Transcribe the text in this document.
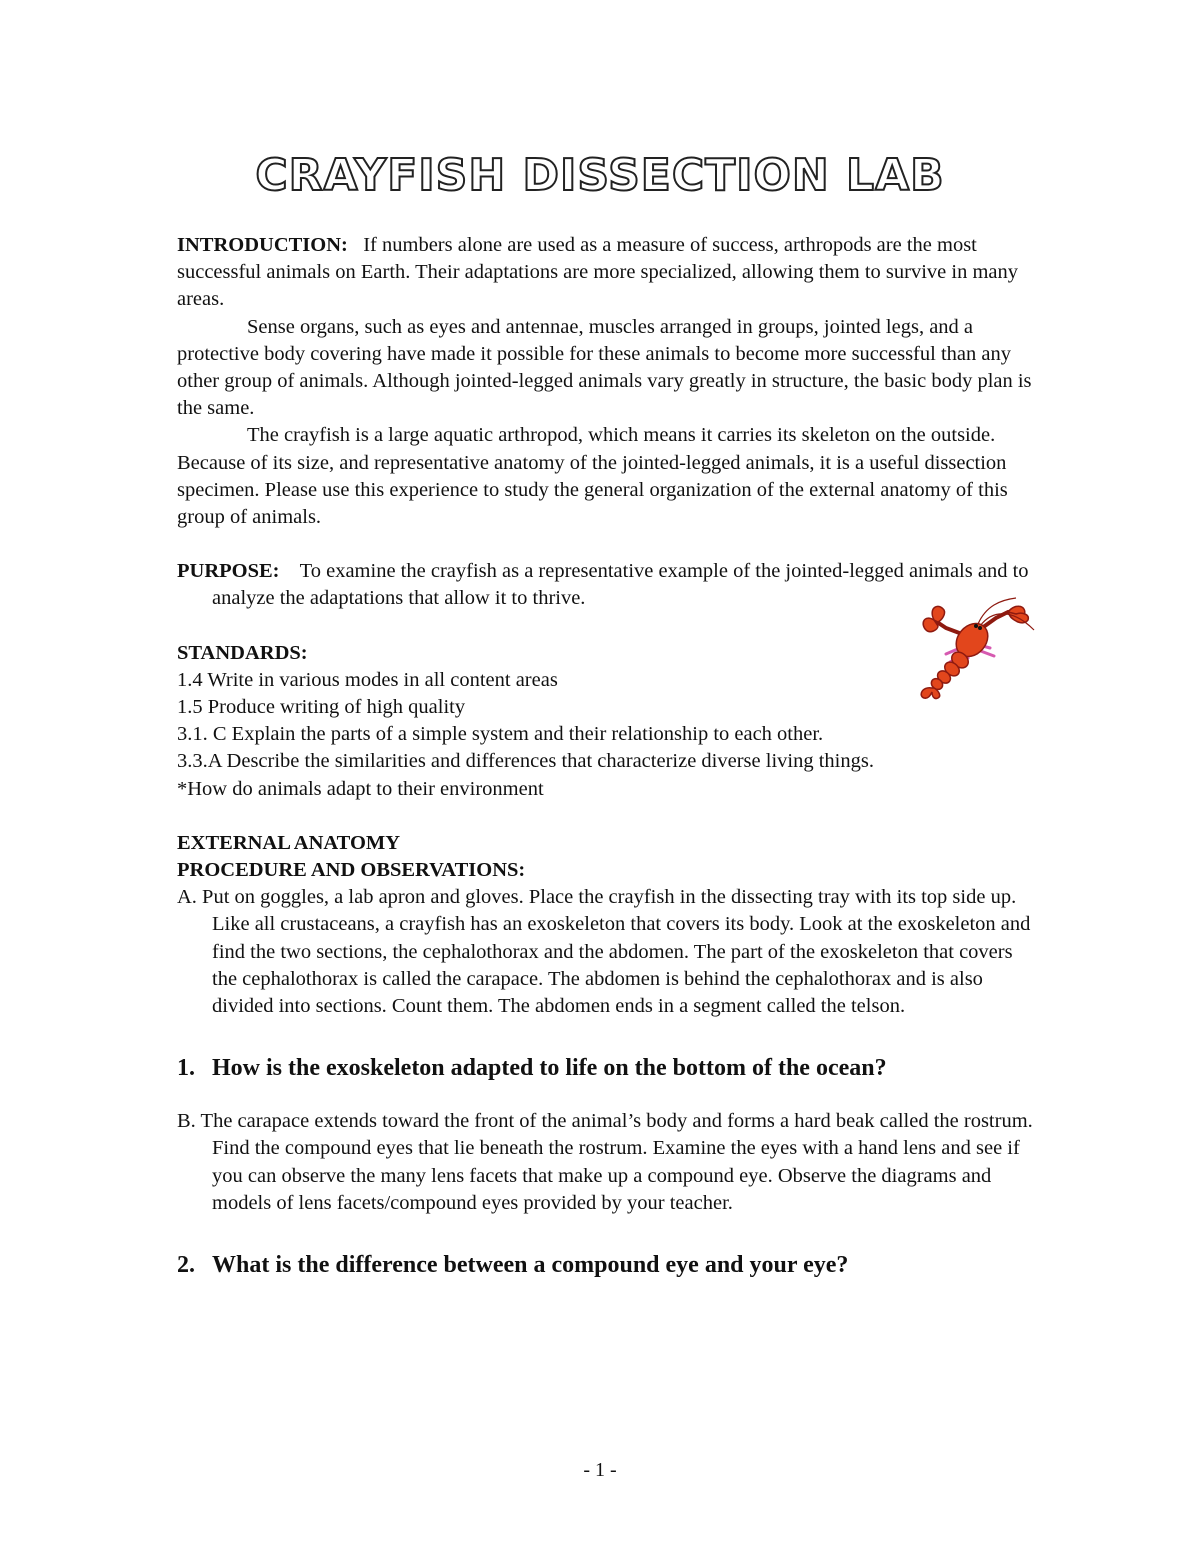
CRAYFISH DISSECTION LAB

INTRODUCTION: If numbers alone are used as a measure of success, arthropods are the most successful animals on Earth. Their adaptations are more specialized, allowing them to survive in many areas.

Sense organs, such as eyes and antennae, muscles arranged in groups, jointed legs, and a protective body covering have made it possible for these animals to become more successful than any other group of animals. Although jointed-legged animals vary greatly in structure, the basic body plan is the same.

The crayfish is a large aquatic arthropod, which means it carries its skeleton on the outside. Because of its size, and representative anatomy of the jointed-legged animals, it is a useful dissection specimen. Please use this experience to study the general organization of the external anatomy of this group of animals.

PURPOSE: To examine the crayfish as a representative example of the jointed-legged animals and to analyze the adaptations that allow it to thrive.

STANDARDS:

1.4 Write in various modes in all content areas

1.5 Produce writing of high quality

3.1. C Explain the parts of a simple system and their relationship to each other.

3.3.A Describe the similarities and differences that characterize diverse living things.

*How do animals adapt to their environment

EXTERNAL ANATOMY

PROCEDURE AND OBSERVATIONS:

A. Put on goggles, a lab apron and gloves. Place the crayfish in the dissecting tray with its top side up. Like all crustaceans, a crayfish has an exoskeleton that covers its body. Look at the exoskeleton and find the two sections, the cephalothorax and the abdomen. The part of the exoskeleton that covers the cephalothorax is called the carapace. The abdomen is behind the cephalothorax and is also divided into sections. Count them. The abdomen ends in a segment called the telson.

1. How is the exoskeleton adapted to life on the bottom of the ocean?

B. The carapace extends toward the front of the animal’s body and forms a hard beak called the rostrum. Find the compound eyes that lie beneath the rostrum. Examine the eyes with a hand lens and see if you can observe the many lens facets that make up a compound eye. Observe the diagrams and models of lens facets/compound eyes provided by your teacher.

2. What is the difference between a compound eye and your eye?

- 1 -
